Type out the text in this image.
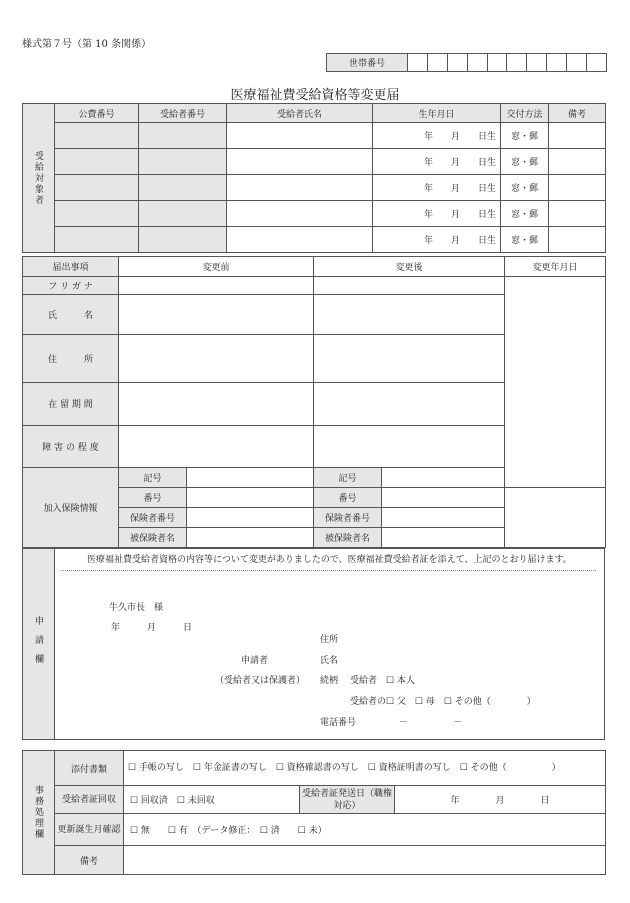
様式第７号（第 10 条関係）
世帯番号										
医療福祉費受給資格等変更届
受給対象者	公費番号	受給者番号	受給者氏名	生年月日	交付方法	備考
				年　　月　　日生	窓・郵	
				年　　月　　日生	窓・郵	
				年　　月　　日生	窓・郵	
				年　　月　　日生	窓・郵	
				年　　月　　日生	窓・郵	
届出事項	変更前		変更後		変更年月日
フ リ ガ ナ					
氏　　　名					
住　　　所					
在 留 期 間					
障 害 の 程 度					
加入保険情報	記号		記号		
	番号		番号		
	保険者番号		保険者番号		
	被保険者名		被保険者名		
申請欄
医療福祉費受給者資格の内容等について変更がありましたので、医療福祉費受給者証を添えて、上記のとおり届けます。
牛久市長　様
年　　　月　　　日
住所
申請者	氏名
（受給者又は保護者） 続柄 受給者　☐ 本人
受給者の☐ 父　☐ 母　☐ その他（　　　　）
電話番号	－　　　　　－
事務処理欄	添付書類	☐ 手帳の写し　☐ 年金証書の写し　☐ 資格確認書の写し　☐ 資格証明書の写し　☐ その他（　　　　　）		
	受給者証回収	☐ 回収済　☐ 未回収	受給者証発送日（職権対応）	年　　　　月　　　　日
	更新誕生月確認	☐ 無　　☐ 有　（データ修正：　☐ 済　　☐ 未）		
	備考			
